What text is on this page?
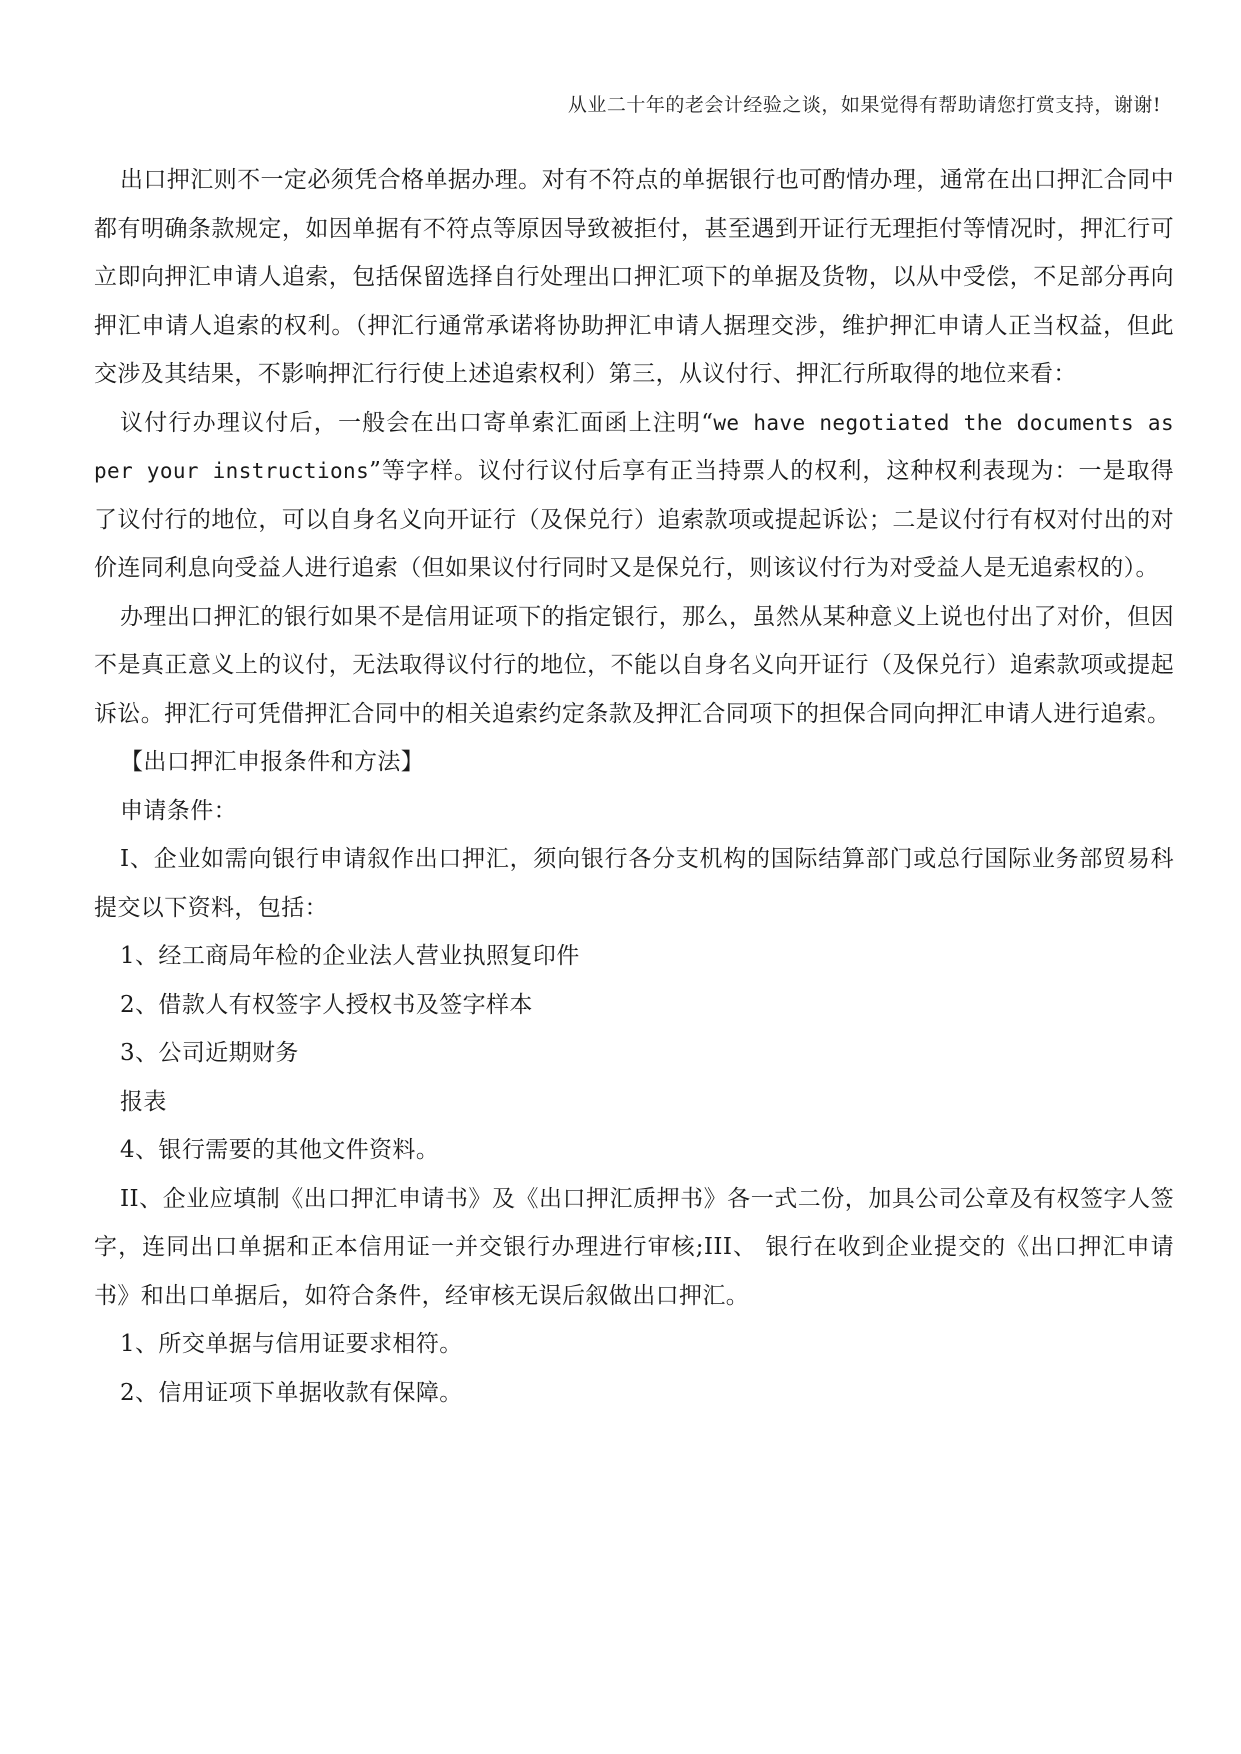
从业二十年的老会计经验之谈，如果觉得有帮助请您打赏支持，谢谢!

出口押汇则不一定必须凭合格单据办理。对有不符点的单据银行也可酌情办理，通常在出口押汇合同中都有明确条款规定，如因单据有不符点等原因导致被拒付，甚至遇到开证行无理拒付等情况时，押汇行可立即向押汇申请人追索，包括保留选择自行处理出口押汇项下的单据及货物，以从中受偿，不足部分再向押汇申请人追索的权利。（押汇行通常承诺将协助押汇申请人据理交涉，维护押汇申请人正当权益，但此交涉及其结果，不影响押汇行行使上述追索权利）第三，从议付行、押汇行所取得的地位来看：

议付行办理议付后，一般会在出口寄单索汇面函上注明“we have negotiated the documents as per your instructions”等字样。议付行议付后享有正当持票人的权利，这种权利表现为：一是取得了议付行的地位，可以自身名义向开证行（及保兑行）追索款项或提起诉讼；二是议付行有权对付出的对价连同利息向受益人进行追索（但如果议付行同时又是保兑行，则该议付行为对受益人是无追索权的）。

办理出口押汇的银行如果不是信用证项下的指定银行，那么，虽然从某种意义上说也付出了对价，但因不是真正意义上的议付，无法取得议付行的地位，不能以自身名义向开证行（及保兑行）追索款项或提起诉讼。押汇行可凭借押汇合同中的相关追索约定条款及押汇合同项下的担保合同向押汇申请人进行追索。

【出口押汇申报条件和方法】

申请条件：

I、企业如需向银行申请叙作出口押汇，须向银行各分支机构的国际结算部门或总行国际业务部贸易科提交以下资料，包括：

1、经工商局年检的企业法人营业执照复印件

2、借款人有权签字人授权书及签字样本

3、公司近期财务

报表

4、银行需要的其他文件资料。

II、企业应填制《出口押汇申请书》及《出口押汇质押书》各一式二份，加具公司公章及有权签字人签字，连同出口单据和正本信用证一并交银行办理进行审核;III、 银行在收到企业提交的《出口押汇申请书》和出口单据后，如符合条件，经审核无误后叙做出口押汇。

1、所交单据与信用证要求相符。

2、信用证项下单据收款有保障。
